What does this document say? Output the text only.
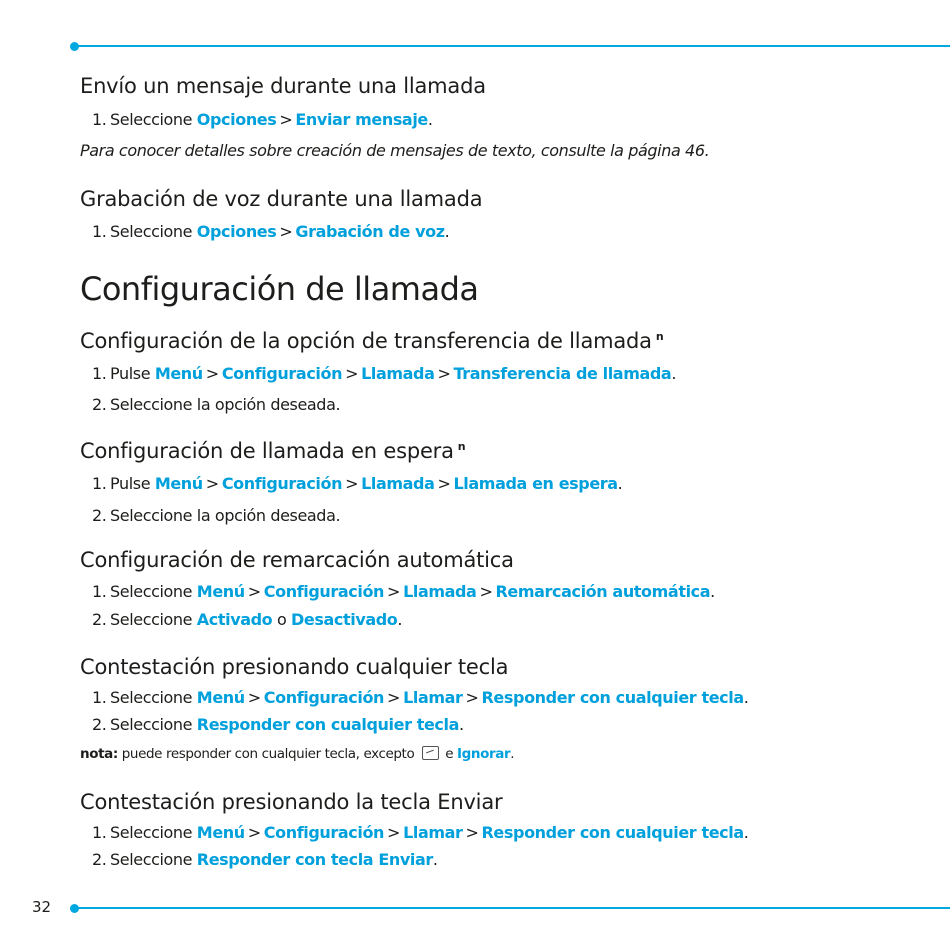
Envío un mensaje durante una llamada
1. Seleccione Opciones > Enviar mensaje.
Para conocer detalles sobre creación de mensajes de texto, consulte la página 46.
Grabación de voz durante una llamada
1. Seleccione Opciones > Grabación de voz.
Configuración de llamada
Configuración de la opción de transferencia de llamada $^n$
1. Pulse Menú > Configuración > Llamada > Transferencia de llamada.
2. Seleccione la opción deseada.
Configuración de llamada en espera $^n$
1. Pulse Menú > Configuración > Llamada > Llamada en espera.
2. Seleccione la opción deseada.
Configuración de remarcación automática
1. Seleccione Menú > Configuración > Llamada > Remarcación automática.
2. Seleccione Activado o Desactivado.
Contestación presionando cualquier tecla
1. Seleccione Menú > Configuración > Llamar > Responder con cualquier tecla.
2. Seleccione Responder con cualquier tecla.
nota: puede responder con cualquier tecla, excepto e Ignorar.
Contestación presionando la tecla Enviar
1. Seleccione Menú > Configuración > Llamar > Responder con cualquier tecla.
2. Seleccione Responder con tecla Enviar.
32
